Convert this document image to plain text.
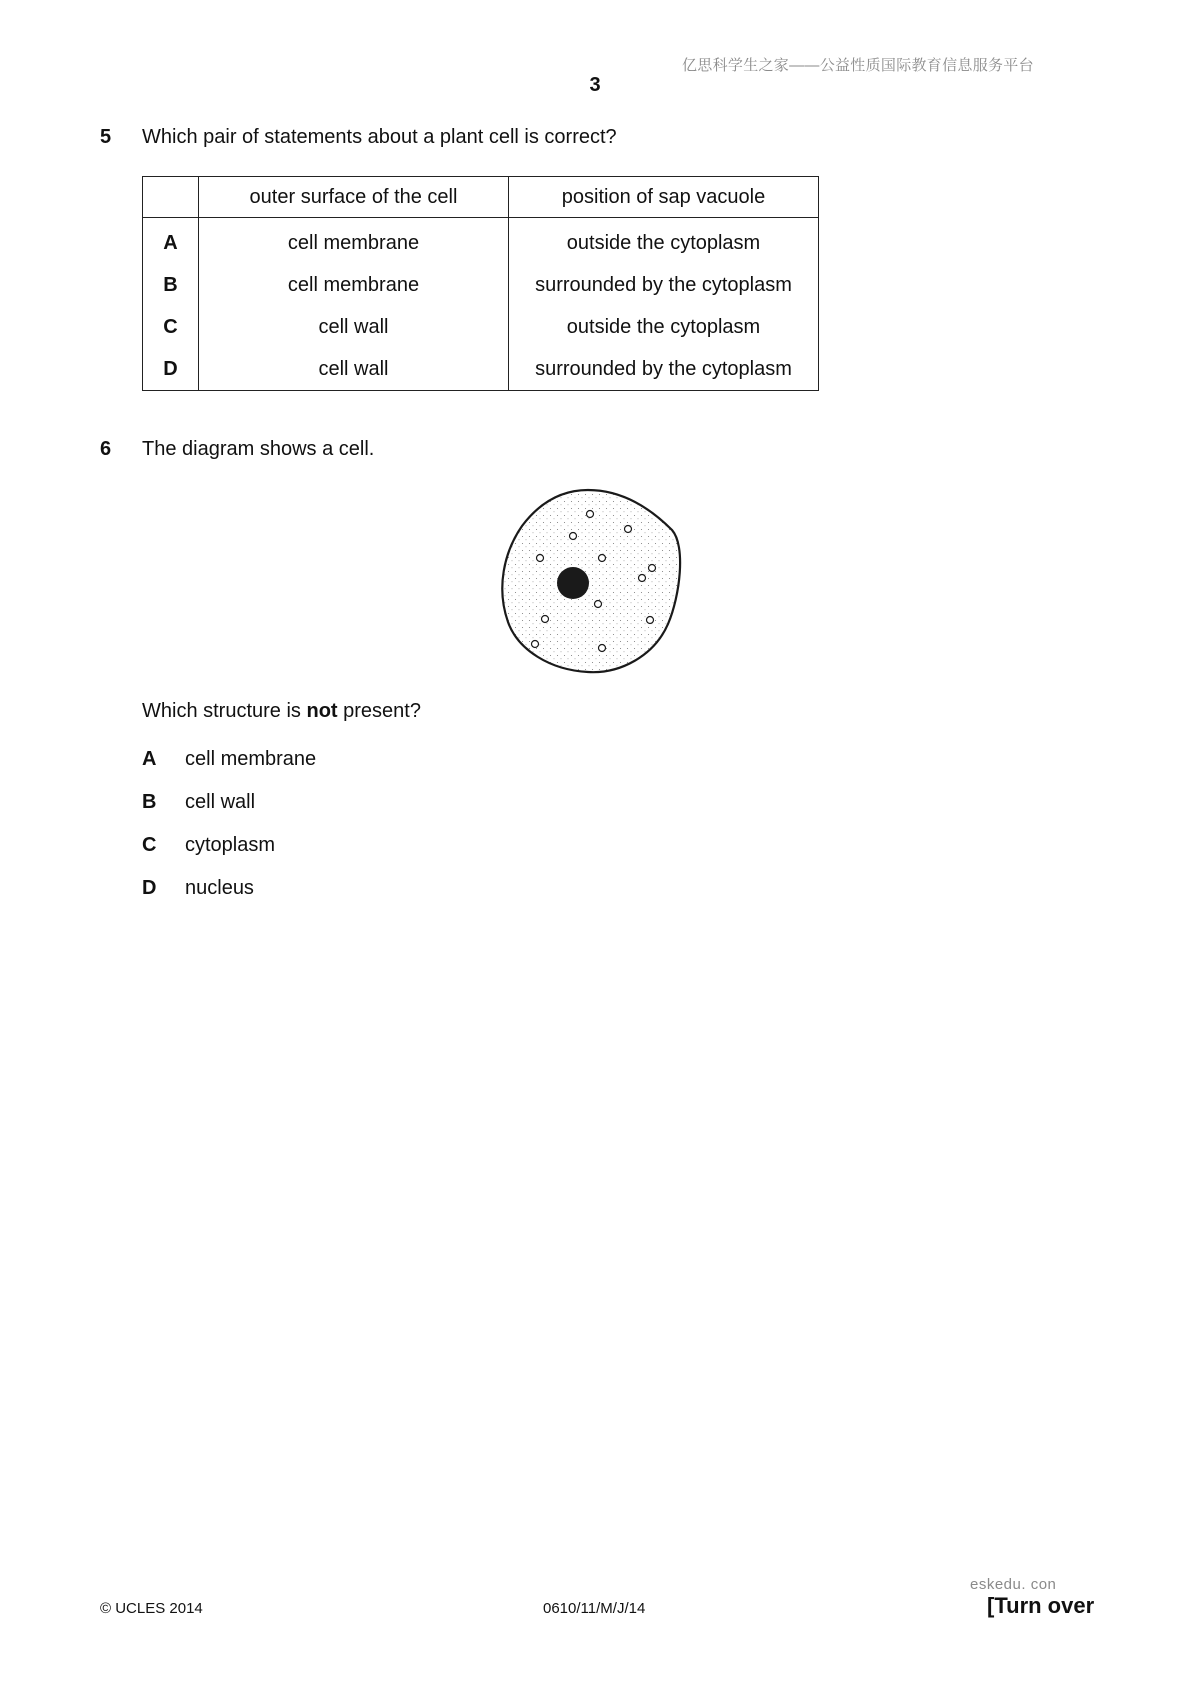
亿思科学生之家——公益性质国际教育信息服务平台
3
5 Which pair of statements about a plant cell is correct?
	outer surface of the cell	position of sap vacuole
A	cell membrane	outside the cytoplasm
B	cell membrane	surrounded by the cytoplasm
C	cell wall	outside the cytoplasm
D	cell wall	surrounded by the cytoplasm
6 The diagram shows a cell.
Which structure is not present?
A cell membrane
B cell wall
C cytoplasm
D nucleus
© UCLES 2014	0610/11/M/J/14
eskedu. con
[Turn over
